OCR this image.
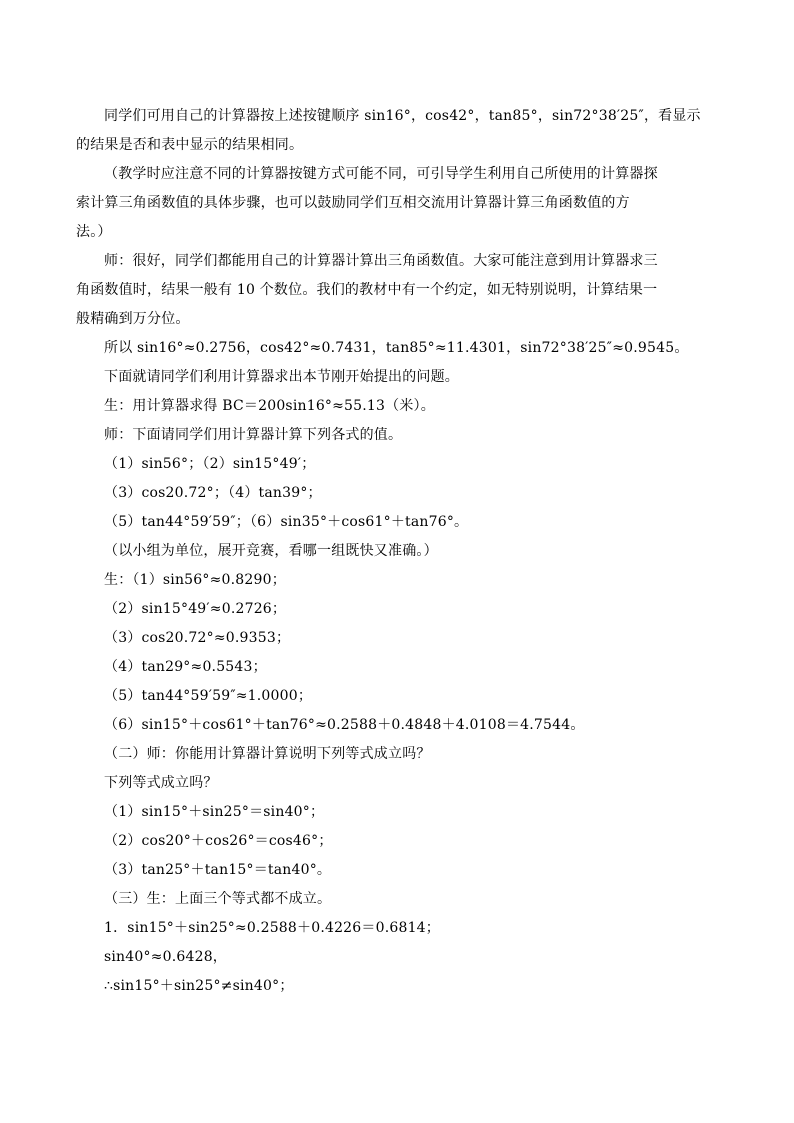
同学们可用自己的计算器按上述按键顺序 sin16°，cos42°，tan85°，sin72°38′25″，看显示
的结果是否和表中显示的结果相同。
（教学时应注意不同的计算器按键方式可能不同，可引导学生利用自己所使用的计算器探
索计算三角函数值的具体步骤，也可以鼓励同学们互相交流用计算器计算三角函数值的方
法。）
师：很好，同学们都能用自己的计算器计算出三角函数值。大家可能注意到用计算器求三
角函数值时，结果一般有 10 个数位。我们的教材中有一个约定，如无特别说明，计算结果一
般精确到万分位。
所以 sin16°≈0.2756，cos42°≈0.7431，tan85°≈11.4301，sin72°38′25″≈0.9545。
下面就请同学们利用计算器求出本节刚开始提出的问题。
生：用计算器求得 BC＝200sin16°≈55.13（米）。
师：下面请同学们用计算器计算下列各式的值。
（1）sin56°；（2）sin15°49′；
（3）cos20.72°；（4）tan39°；
（5）tan44°59′59″；（6）sin35°＋cos61°＋tan76°。
（以小组为单位，展开竞赛，看哪一组既快又准确。）
生：（1）sin56°≈0.8290；
（2）sin15°49′≈0.2726；
（3）cos20.72°≈0.9353；
（4）tan29°≈0.5543；
（5）tan44°59′59″≈1.0000；
（6）sin15°＋cos61°＋tan76°≈0.2588＋0.4848＋4.0108＝4.7544。
（二）师：你能用计算器计算说明下列等式成立吗？
下列等式成立吗？
（1）sin15°＋sin25°＝sin40°；
（2）cos20°＋cos26°＝cos46°；
（3）tan25°＋tan15°＝tan40°。
（三）生：上面三个等式都不成立。
1．sin15°＋sin25°≈0.2588＋0.4226＝0.6814；
sin40°≈0.6428，
∴sin15°＋sin25°≠sin40°；
